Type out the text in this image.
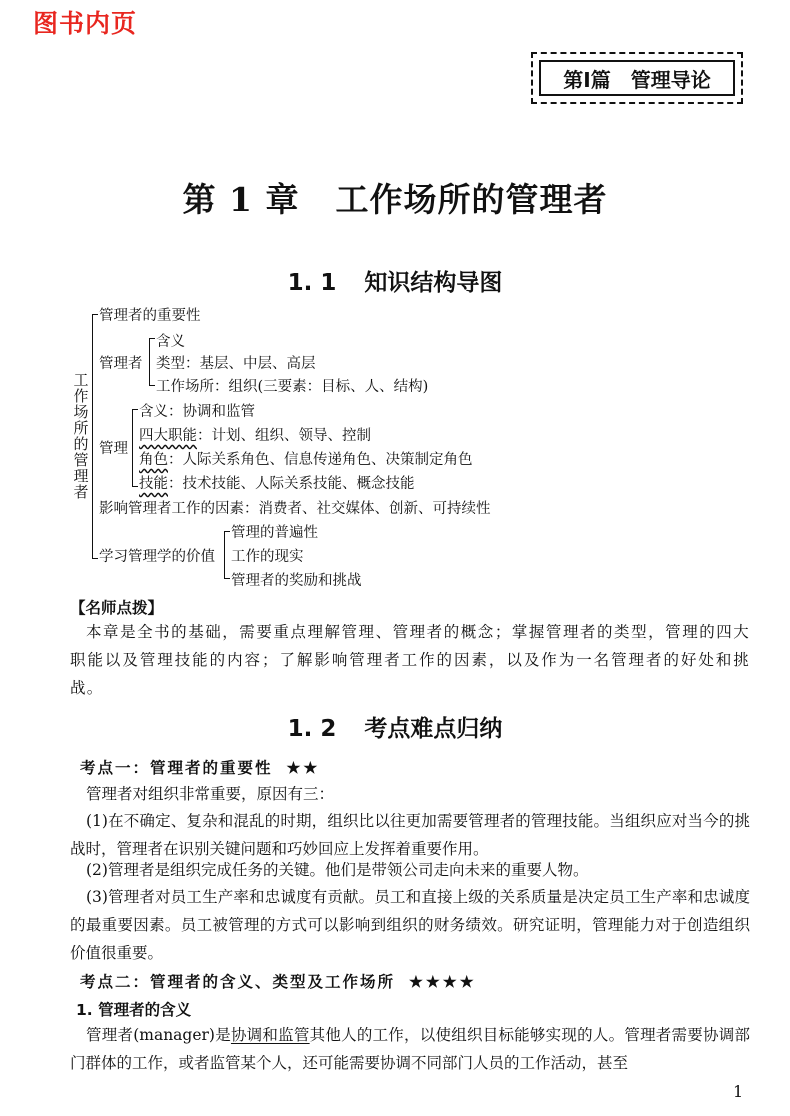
图书内页
第Ⅰ篇　管理导论
第 1 章 工作场所的管理者
1. 1 知识结构导图
工作场所的管理者
管理者的重要性
管理者
含义
类型：基层、中层、高层
工作场所：组织(三要素：目标、人、结构)
管理
含义：协调和监管
四大职能：计划、组织、领导、控制
角色：人际关系角色、信息传递角色、决策制定角色
技能：技术技能、人际关系技能、概念技能
影响管理者工作的因素：消费者、社交媒体、创新、可持续性
学习管理学的价值
管理的普遍性
工作的现实
管理者的奖励和挑战
【名师点拨】
本章是全书的基础，需要重点理解管理、管理者的概念；掌握管理者的类型，管理的四大职能以及管理技能的内容；了解影响管理者工作的因素，以及作为一名管理者的好处和挑战。
1. 2 考点难点归纳
考点一：管理者的重要性 ★★
管理者对组织非常重要，原因有三：
(1)在不确定、复杂和混乱的时期，组织比以往更加需要管理者的管理技能。当组织应对当今的挑战时，管理者在识别关键问题和巧妙回应上发挥着重要作用。
(2)管理者是组织完成任务的关键。他们是带领公司走向未来的重要人物。
(3)管理者对员工生产率和忠诚度有贡献。员工和直接上级的关系质量是决定员工生产率和忠诚度的最重要因素。员工被管理的方式可以影响到组织的财务绩效。研究证明，管理能力对于创造组织价值很重要。
考点二：管理者的含义、类型及工作场所 ★★★★
1. 管理者的含义
管理者(manager)是协调和监管其他人的工作，以使组织目标能够实现的人。管理者需要协调部门群体的工作，或者监管某个人，还可能需要协调不同部门人员的工作活动，甚至
1
